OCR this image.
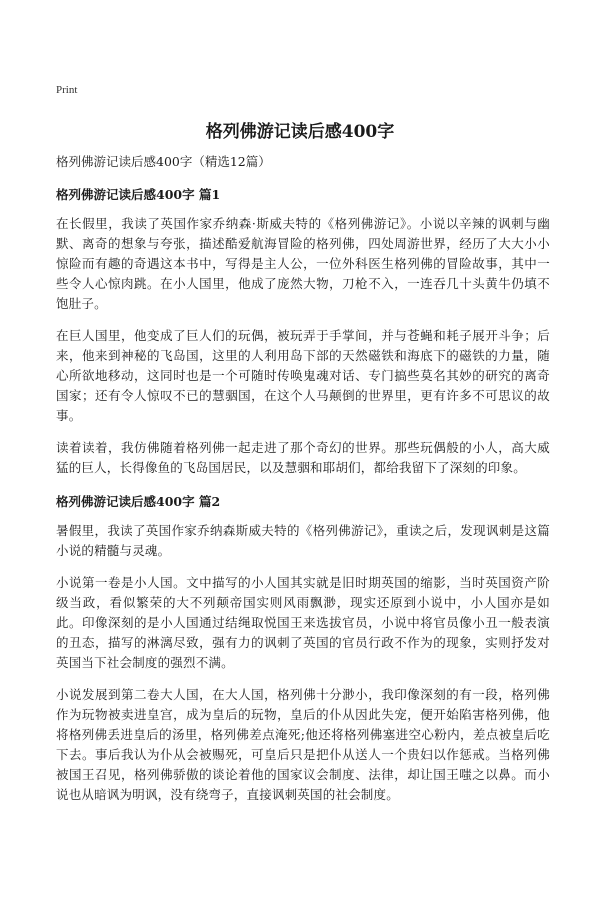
Print
格列佛游记读后感400字

格列佛游记读后感400字（精选12篇）

格列佛游记读后感400字 篇1

在长假里，我读了英国作家乔纳森·斯威夫特的《格列佛游记》。小说以辛辣的讽刺与幽默、离奇的想象与夸张，描述酷爱航海冒险的格列佛，四处周游世界，经历了大大小小惊险而有趣的奇遇这本书中，写得是主人公，一位外科医生格列佛的冒险故事，其中一些令人心惊肉跳。在小人国里，他成了庞然大物，刀枪不入，一连吞几十头黄牛仍填不饱肚子。

在巨人国里，他变成了巨人们的玩偶，被玩弄于手掌间，并与苍蝇和耗子展开斗争；后来，他来到神秘的飞岛国，这里的人利用岛下部的天然磁铁和海底下的磁铁的力量，随心所欲地移动，这同时也是一个可随时传唤鬼魂对话、专门搞些莫名其妙的研究的离奇国家；还有令人惊叹不已的慧骃国，在这个人马颠倒的世界里，更有许多不可思议的故事。

读着读着，我仿佛随着格列佛一起走进了那个奇幻的世界。那些玩偶般的小人，高大威猛的巨人，长得像鱼的飞岛国居民，以及慧骃和耶胡们，都给我留下了深刻的印象。

格列佛游记读后感400字 篇2

暑假里，我读了英国作家乔纳森斯威夫特的《格列佛游记》，重读之后，发现讽刺是这篇小说的精髓与灵魂。

小说第一卷是小人国。文中描写的小人国其实就是旧时期英国的缩影，当时英国资产阶级当政，看似繁荣的大不列颠帝国实则风雨飘渺，现实还原到小说中，小人国亦是如此。印像深刻的是小人国通过结绳取悦国王来选拔官员，小说中将官员像小丑一般表演的丑态，描写的淋漓尽致，强有力的讽刺了英国的官员行政不作为的现象，实则抒发对英国当下社会制度的强烈不满。

小说发展到第二卷大人国，在大人国，格列佛十分渺小，我印像深刻的有一段，格列佛作为玩物被卖进皇宫，成为皇后的玩物，皇后的仆从因此失宠，便开始陷害格列佛，他将格列佛丢进皇后的汤里，格列佛差点淹死;他还将格列佛塞进空心粉内，差点被皇后吃下去。事后我认为仆从会被赐死，可皇后只是把仆从送人一个贵妇以作惩戒。当格列佛被国王召见，格列佛骄傲的谈论着他的国家议会制度、法律，却让国王嗤之以鼻。而小说也从暗讽为明讽，没有绕弯子，直接讽刺英国的社会制度。
